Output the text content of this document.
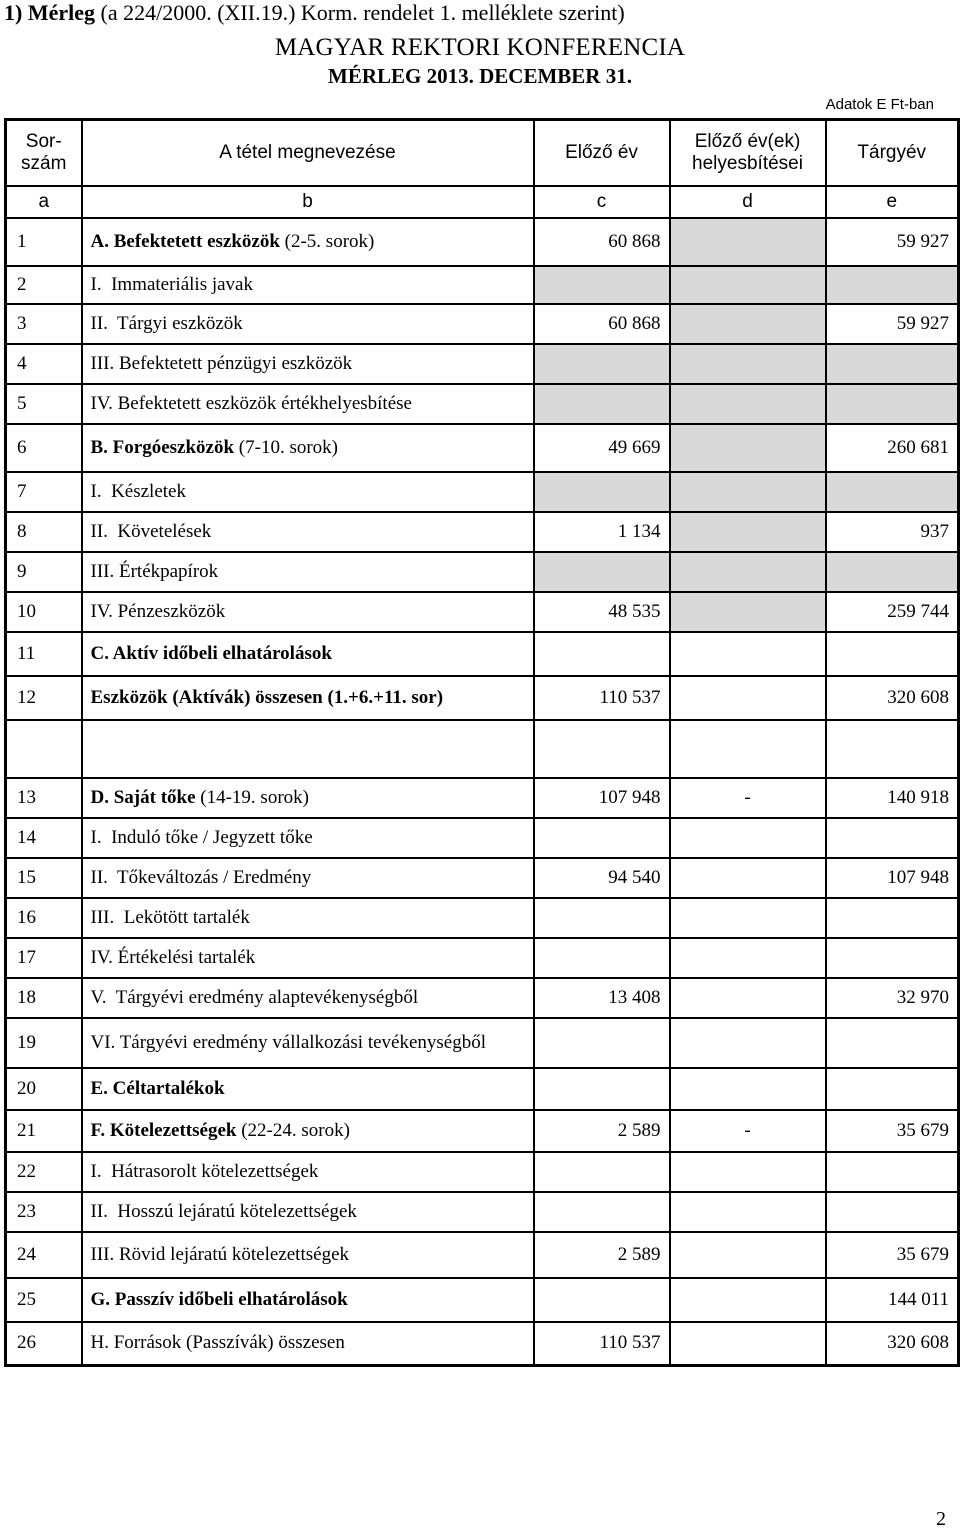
1) Mérleg (a 224/2000. (XII.19.) Korm. rendelet 1. melléklete szerint)
MAGYAR REKTORI KONFERENCIA
MÉRLEG 2013. DECEMBER 31.
Adatok E Ft-ban
Sor-
szám	A tétel megnevezése	Előző év	Előző év(ek)
helyesbítései	Tárgyév
a	b	c	d	e
1	A. Befektetett eszközök (2-5. sorok)	60 868		59 927
2	I.  Immateriális javak			
3	II.  Tárgyi eszközök	60 868		59 927
4	III. Befektetett pénzügyi eszközök			
5	IV. Befektetett eszközök értékhelyesbítése			
6	B. Forgóeszközök (7-10. sorok)	49 669		260 681
7	I.  Készletek			
8	II.  Követelések	1 134		937
9	III. Értékpapírok			
10	IV. Pénzeszközök	48 535		259 744
11	C. Aktív időbeli elhatárolások			
12	Eszközök (Aktívák) összesen (1.+6.+11. sor)	110 537		320 608

13	D. Saját tőke (14-19. sorok)	107 948	-	140 918
14	I.  Induló tőke / Jegyzett tőke			
15	II.  Tőkeváltozás / Eredmény	94 540		107 948
16	III.  Lekötött tartalék			
17	IV. Értékelési tartalék			
18	V.  Tárgyévi eredmény alaptevékenységből	13 408		32 970
19	VI. Tárgyévi eredmény vállalkozási tevékenységből			
20	E. Céltartalékok			
21	F. Kötelezettségek (22-24. sorok)	2 589	-	35 679
22	I.  Hátrasorolt kötelezettségek			
23	II.  Hosszú lejáratú kötelezettségek			
24	III. Rövid lejáratú kötelezettségek	2 589		35 679
25	G. Passzív időbeli elhatárolások			144 011
26	H. Források (Passzívák) összesen	110 537		320 608
2
